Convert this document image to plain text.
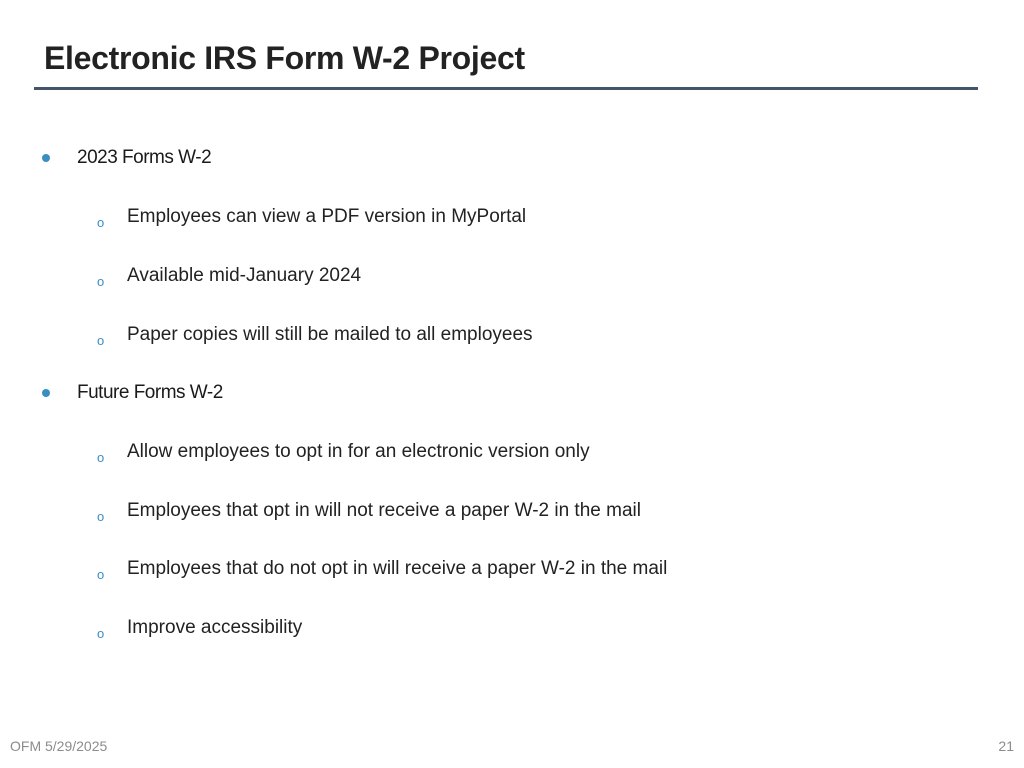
Electronic IRS Form W-2 Project
2023 Forms W-2
o Employees can view a PDF version in MyPortal
o Available mid-January 2024
o Paper copies will still be mailed to all employees
Future Forms W-2
o Allow employees to opt in for an electronic version only
o Employees that opt in will not receive a paper W-2 in the mail
o Employees that do not opt in will receive a paper W-2 in the mail
o Improve accessibility
OFM 5/29/2025	21
